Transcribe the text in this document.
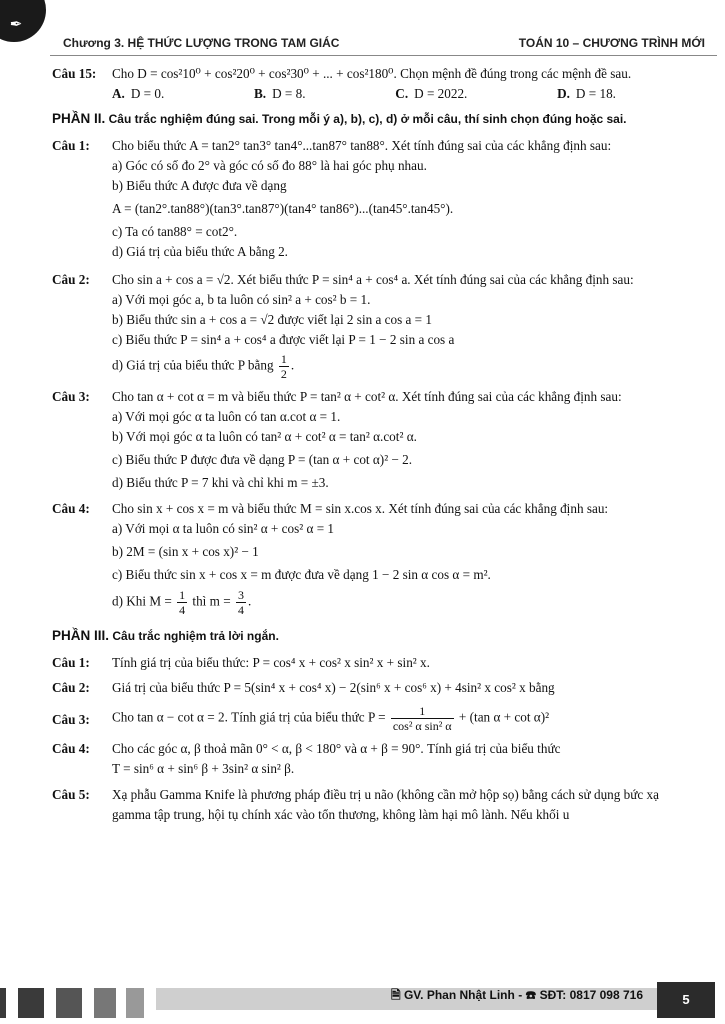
✒
Chương 3. HỆ THỨC LƯỢNG TRONG TAM GIÁC	TOÁN 10 – CHƯƠNG TRÌNH MỚI
Câu 15:	Cho D = cos²10⁰ + cos²20⁰ + cos²30⁰ + ... + cos²180⁰. Chọn mệnh đề đúng trong các mệnh đề sau.

A. D = 0.	B. D = 8.	C. D = 2022.	D. D = 18.
PHẦN II. Câu trắc nghiệm đúng sai. Trong mỗi ý a), b), c), d) ở mỗi câu, thí sinh chọn đúng hoặc sai.
Câu 1:	Cho biểu thức A = tan2° tan3° tan4°...tan87° tan88°. Xét tính đúng sai của các khẳng định sau:

a) Góc có số đo 2° và góc có số đo 88° là hai góc phụ nhau.

b) Biểu thức A được đưa về dạng

A = (tan2°.tan88°)(tan3°.tan87°)(tan4° tan86°)...(tan45°.tan45°).

c) Ta có tan88° = cot2°.

d) Giá trị của biểu thức A bằng 2.

Câu 2:	Cho sin a + cos a = √2. Xét biểu thức P = sin⁴ a + cos⁴ a. Xét tính đúng sai của các khẳng định sau:

a) Với mọi góc a, b ta luôn có sin² a + cos² b = 1.

b) Biểu thức sin a + cos a = √2 được viết lại 2 sin a cos a = 1

c) Biểu thức P = sin⁴ a + cos⁴ a được viết lại P = 1 − 2 sin a cos a

d) Giá trị của biểu thức P bằng $\frac{1}{2}$ .

Câu 3:	Cho tan α + cot α = m và biểu thức P = tan² α + cot² α. Xét tính đúng sai của các khẳng định sau:

a) Với mọi góc α ta luôn có tan α.cot α = 1.

b) Với mọi góc α ta luôn có tan² α + cot² α = tan² α.cot² α.

c) Biểu thức P được đưa về dạng P = (tan α + cot α)² − 2.

d) Biểu thức P = 7 khi và chỉ khi m = ±3.

Câu 4:	Cho sin x + cos x = m và biểu thức M = sin x.cos x. Xét tính đúng sai của các khẳng định sau:

a) Với mọi α ta luôn có sin² α + cos² α = 1

b) 2M = (sin x + cos x)² − 1

c) Biểu thức sin x + cos x = m được đưa về dạng 1 − 2 sin α cos α = m².

d) Khi $M = \frac{1}{4}$ thì $m = \frac{3}{4}$ .

PHẦN III. Câu trắc nghiệm trả lời ngắn.
Câu 1:	Tính giá trị của biểu thức: P = cos⁴ x + cos² x sin² x + sin² x.

Câu 2:	Giá trị của biểu thức P = 5(sin⁴ x + cos⁴ x) − 2(sin⁶ x + cos⁶ x) + 4sin² x cos² x bằng

Câu 3:	Cho tan α − cot α = 2. Tính giá trị của biểu thức $P = \frac{1}{\text{cos² α sin² α}} + (\tan$ α + cot α)²

Câu 4:	Cho các góc α, β thoả mãn 0° < α, β < 180° và α + β = 90°. Tính giá trị của biểu thức

T = sin⁶ α + sin⁶ β + 3sin² α sin² β.

Câu 5:	Xạ phẫu Gamma Knife là phương pháp điều trị u não (không cần mở hộp sọ) bằng cách sử dụng bức xạ gamma tập trung, hội tụ chính xác vào tổn thương, không làm hại mô lành. Nếu khối u

🗎 GV. Phan Nhật Linh - ☎ SĐT: 0817 098 716	5
